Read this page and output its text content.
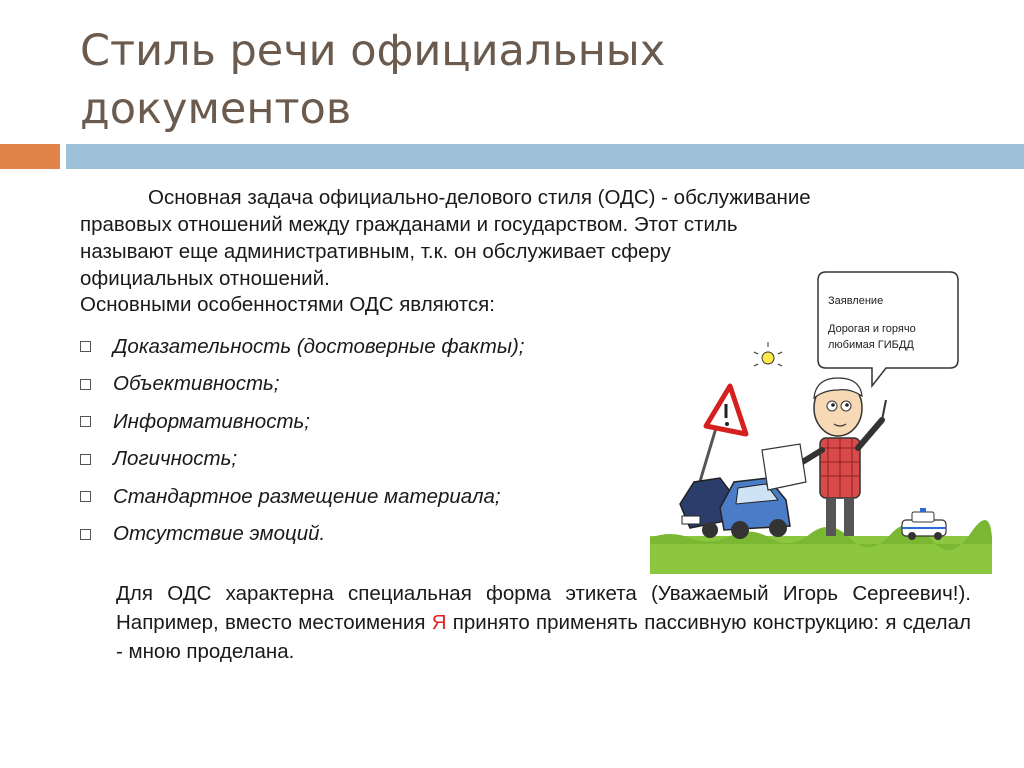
Стиль речи официальных
документов

Основная задача официально-делового стиля (ОДС) - обслуживание
правовых отношений между гражданами и государством. Этот стиль
называют еще административным, т.к. он обслуживает сферу
официальных отношений.

Основными особенностями ОДС являются:

Доказательность (достоверные факты);
Объективность;
Информативность;
Логичность;
Стандартное размещение материала;
Отсутствие эмоций.

Для ОДС характерна специальная форма этикета (Уважаемый Игорь Сергеевич!). Например, вместо местоимения Я принято применять пассивную конструкцию: я сделал - мною проделана.

Заявление
Дорогая и горячо
любимая ГИБДД
